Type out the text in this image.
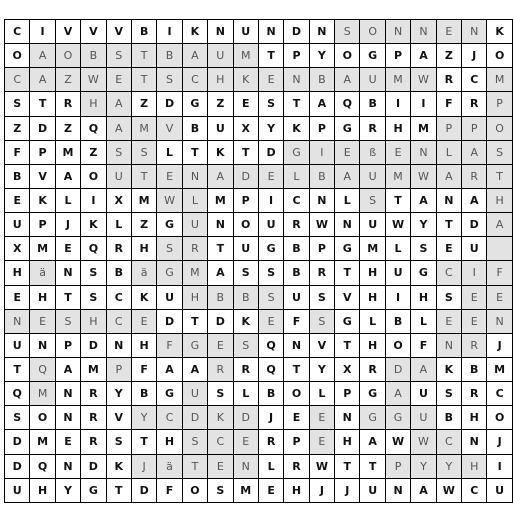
C	I	V	V	V	B	I	K	N	U	N	D	N	S	O	N	N	E	N	K
O	A	O	B	S	T	B	A	U	M	T	P	Y	O	G	P	A	Z	J	O
C	A	Z	W	E	T	S	C	H	K	E	N	B	A	U	M	W	R	C	M
S	T	R	H	A	Z	D	G	Z	E	S	T	A	Q	B	I	I	F	R	P
Z	D	Z	Q	A	M	V	B	U	X	Y	K	P	G	R	H	M	P	P	O
F	P	M	Z	S	S	L	T	K	T	D	G	I	E	ß	E	N	L	A	S
B	V	A	O	U	T	E	N	A	D	E	L	B	A	U	M	W	A	R	T
E	K	L	I	X	M	W	L	M	P	I	C	N	L	S	T	A	N	A	H
U	P	J	K	L	Z	G	U	N	O	U	R	W	N	U	W	Y	T	D	A
X	M	E	Q	R	H	S	R	T	U	G	B	P	G	M	L	S	E	U	
H	ä	N	S	B	ä	G	M	A	S	S	B	R	T	H	U	G	C	I	F
E	H	T	S	C	K	U	H	B	B	S	U	S	V	H	I	H	S	E	E
N	E	S	H	C	E	D	T	D	K	E	F	S	G	L	B	L	E	E	N
U	N	P	D	N	H	F	G	E	S	Q	N	V	T	H	O	F	N	R	J
T	Q	A	M	P	F	A	A	R	R	Q	T	Y	X	R	D	A	K	B	M
Q	M	N	R	Y	B	G	U	S	L	B	O	L	P	G	A	U	S	R	C
S	O	N	R	V	Y	C	D	K	D	J	E	E	N	G	G	U	B	H	O
D	M	E	R	S	T	H	S	C	E	R	P	E	H	A	W	W	C	N	J
D	Q	N	D	K	J	ä	T	E	N	L	R	W	T	T	P	Y	Y	H	I
U	H	Y	G	T	D	F	O	S	M	E	H	J	J	U	N	A	W	C	U
